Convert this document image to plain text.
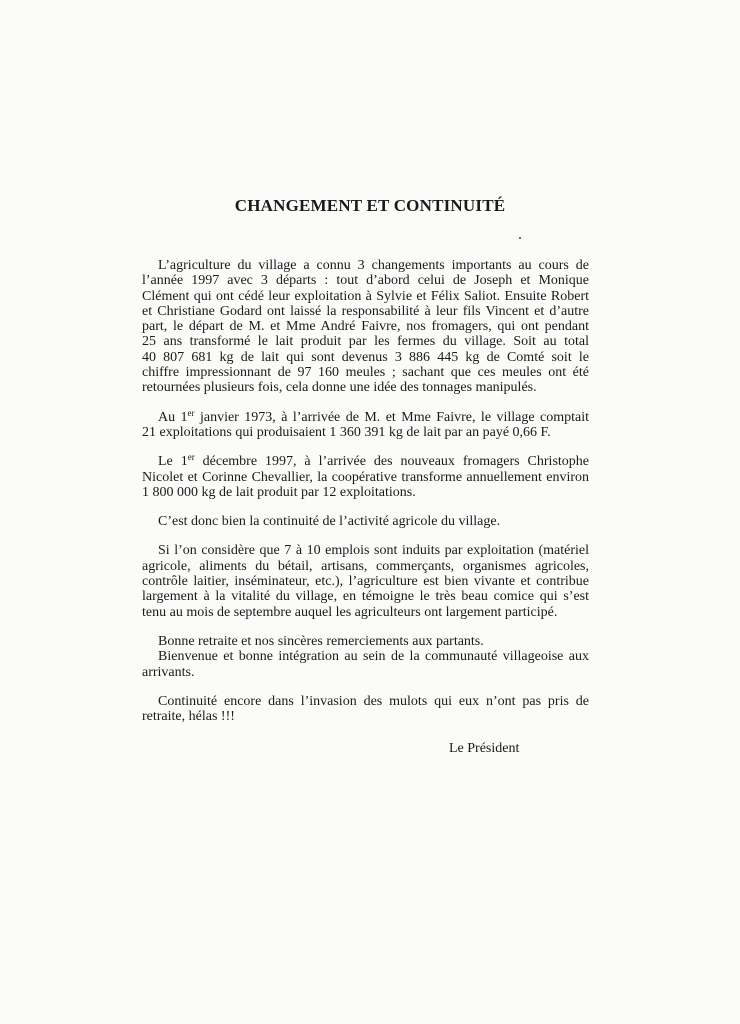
CHANGEMENT ET CONTINUITÉ

L’agriculture du village a connu 3 changements importants au cours de
l’année 1997 avec 3 départs : tout d’abord celui de Joseph et Monique
Clément qui ont cédé leur exploitation à Sylvie et Félix Saliot. Ensuite Robert
et Christiane Godard ont laissé la responsabilité à leur fils Vincent et d’autre
part, le départ de M. et Mme André Faivre, nos fromagers, qui ont pendant
25 ans transformé le lait produit par les fermes du village. Soit au total
40 807 681 kg de lait qui sont devenus 3 886 445 kg de Comté soit le
chiffre impressionnant de 97 160 meules ; sachant que ces meules ont été
retournées plusieurs fois, cela donne une idée des tonnages manipulés.

Au 1er janvier 1973, à l’arrivée de M. et Mme Faivre, le village comptait
21 exploitations qui produisaient 1 360 391 kg de lait par an payé 0,66 F.

Le 1er décembre 1997, à l’arrivée des nouveaux fromagers Christophe
Nicolet et Corinne Chevallier, la coopérative transforme annuellement environ
1 800 000 kg de lait produit par 12 exploitations.

C’est donc bien la continuité de l’activité agricole du village.

Si l’on considère que 7 à 10 emplois sont induits par exploitation (matériel
agricole, aliments du bétail, artisans, commerçants, organismes agricoles,
contrôle laitier, inséminateur, etc.), l’agriculture est bien vivante et contribue
largement à la vitalité du village, en témoigne le très beau comice qui s’est
tenu au mois de septembre auquel les agriculteurs ont largement participé.

Bonne retraite et nos sincères remerciements aux partants.

Bienvenue et bonne intégration au sein de la communauté villageoise aux
arrivants.

Continuité encore dans l’invasion des mulots qui eux n’ont pas pris de
retraite, hélas !!!

Le Président
